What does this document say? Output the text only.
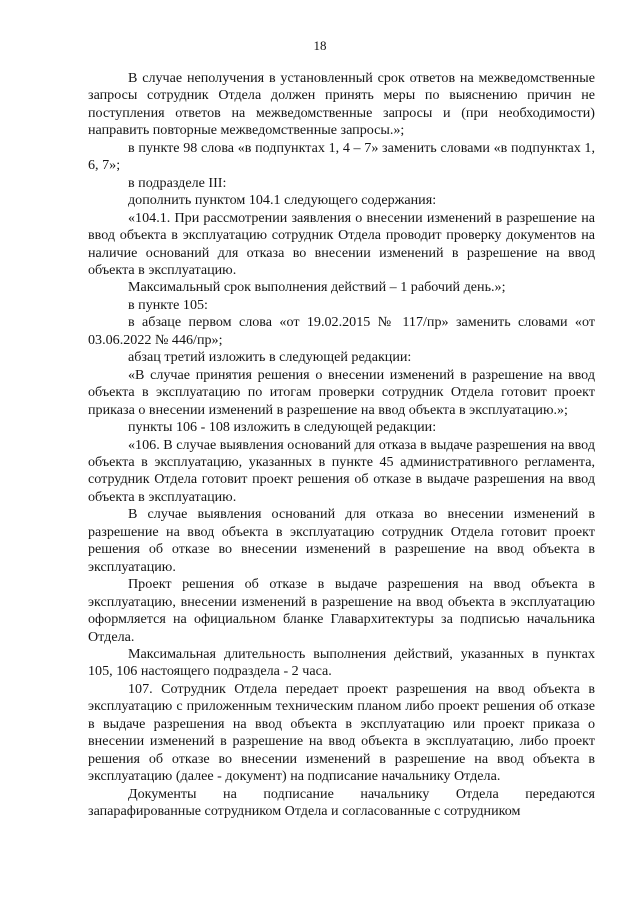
18

В случае неполучения в установленный срок ответов на межведомственные запросы сотрудник Отдела должен принять меры по выяснению причин не поступления ответов на межведомственные запросы и (при необходимости) направить повторные межведомственные запросы.»;

в пункте 98 слова «в подпунктах 1, 4 – 7» заменить словами «в подпунктах 1, 6, 7»;

в подразделе III:

дополнить пунктом 104.1 следующего содержания:

«104.1. При рассмотрении заявления о внесении изменений в разрешение на ввод объекта в эксплуатацию сотрудник Отдела проводит проверку документов на наличие оснований для отказа во внесении изменений в разрешение на ввод объекта в эксплуатацию.

Максимальный срок выполнения действий – 1 рабочий день.»;

в пункте 105:

в абзаце первом слова «от 19.02.2015 № 117/пр» заменить словами «от 03.06.2022 № 446/пр»;

абзац третий изложить в следующей редакции:

«В случае принятия решения о внесении изменений в разрешение на ввод объекта в эксплуатацию по итогам проверки сотрудник Отдела готовит проект приказа о внесении изменений в разрешение на ввод объекта в эксплуатацию.»;

пункты 106 - 108 изложить в следующей редакции:

«106. В случае выявления оснований для отказа в выдаче разрешения на ввод объекта в эксплуатацию, указанных в пункте 45 административного регламента, сотрудник Отдела готовит проект решения об отказе в выдаче разрешения на ввод объекта в эксплуатацию.

В случае выявления оснований для отказа во внесении изменений в разрешение на ввод объекта в эксплуатацию сотрудник Отдела готовит проект решения об отказе во внесении изменений в разрешение на ввод объекта в эксплуатацию.

Проект решения об отказе в выдаче разрешения на ввод объекта в эксплуатацию, внесении изменений в разрешение на ввод объекта в эксплуатацию оформляется на официальном бланке Главархитектуры за подписью начальника Отдела.

Максимальная длительность выполнения действий, указанных в пунктах 105, 106 настоящего подраздела - 2 часа.

107. Сотрудник Отдела передает проект разрешения на ввод объекта в эксплуатацию с приложенным техническим планом либо проект решения об отказе в выдаче разрешения на ввод объекта в эксплуатацию или проект приказа о внесении изменений в разрешение на ввод объекта в эксплуатацию, либо проект решения об отказе во внесении изменений в разрешение на ввод объекта в эксплуатацию (далее - документ) на подписание начальнику Отдела.

Документы на подписание начальнику Отдела передаются запарафированные сотрудником Отдела и согласованные с сотрудником
